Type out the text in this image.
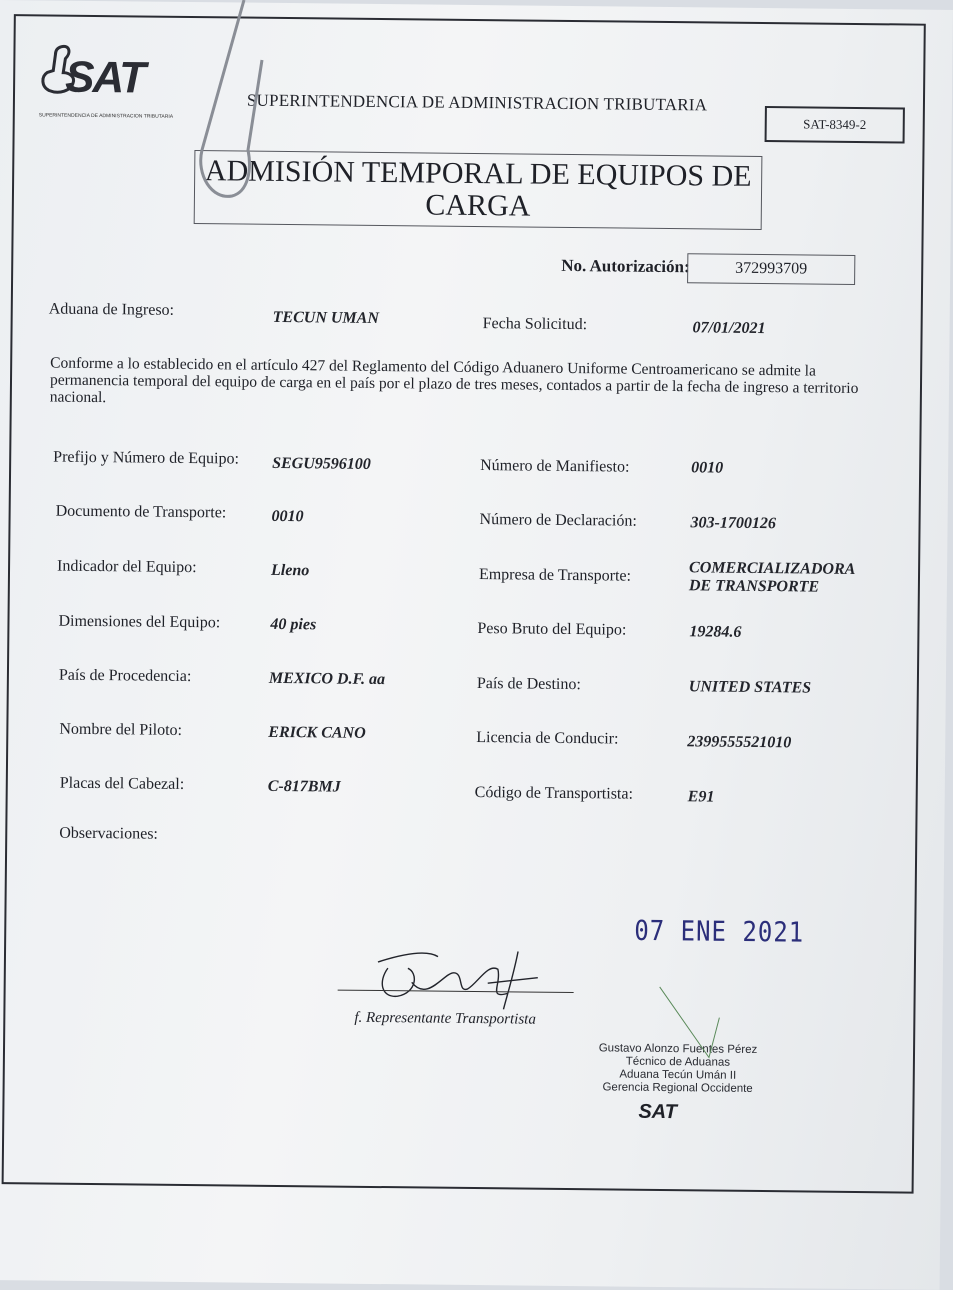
SAT
SUPERINTENDENCIA DE ADMINISTRACION TRIBUTARIA
SUPERINTENDENCIA DE ADMINISTRACION TRIBUTARIA
SAT-8349-2
ADMISIÓN TEMPORAL DE EQUIPOS DE
CARGA
No. Autorización:	372993709
Aduana de Ingreso:	TECUN UMAN	Fecha Solicitud:	07/01/2021
Conforme a lo establecido en el artículo 427 del Reglamento del Código Aduanero Uniforme Centroamericano se admite la permanencia temporal del equipo de carga en el país por el plazo de tres meses, contados a partir de la fecha de ingreso a territorio nacional.
Prefijo y Número de Equipo: SEGU9596100	Número de Manifiesto:	0010
Documento de Transporte:	0010	Número de Declaración:	303-1700126
Indicador del Equipo:	Lleno	Empresa de Transporte:	COMERCIALIZADORA
DE TRANSPORTE
Dimensiones del Equipo:	40 pies	Peso Bruto del Equipo:	19284.6
País de Procedencia:	MEXICO D.F. aa	País de Destino:	UNITED STATES
Nombre del Piloto:	ERICK CANO	Licencia de Conducir:	2399555521010
Placas del Cabezal:	C-817BMJ	Código de Transportista:	E91
Observaciones:
07 ENE 2021
f. Representante Transportista
Gustavo Alonzo Fuentes Pérez
Técnico de Aduanas
Aduana Tecún Umán II
Gerencia Regional Occidente
SAT
